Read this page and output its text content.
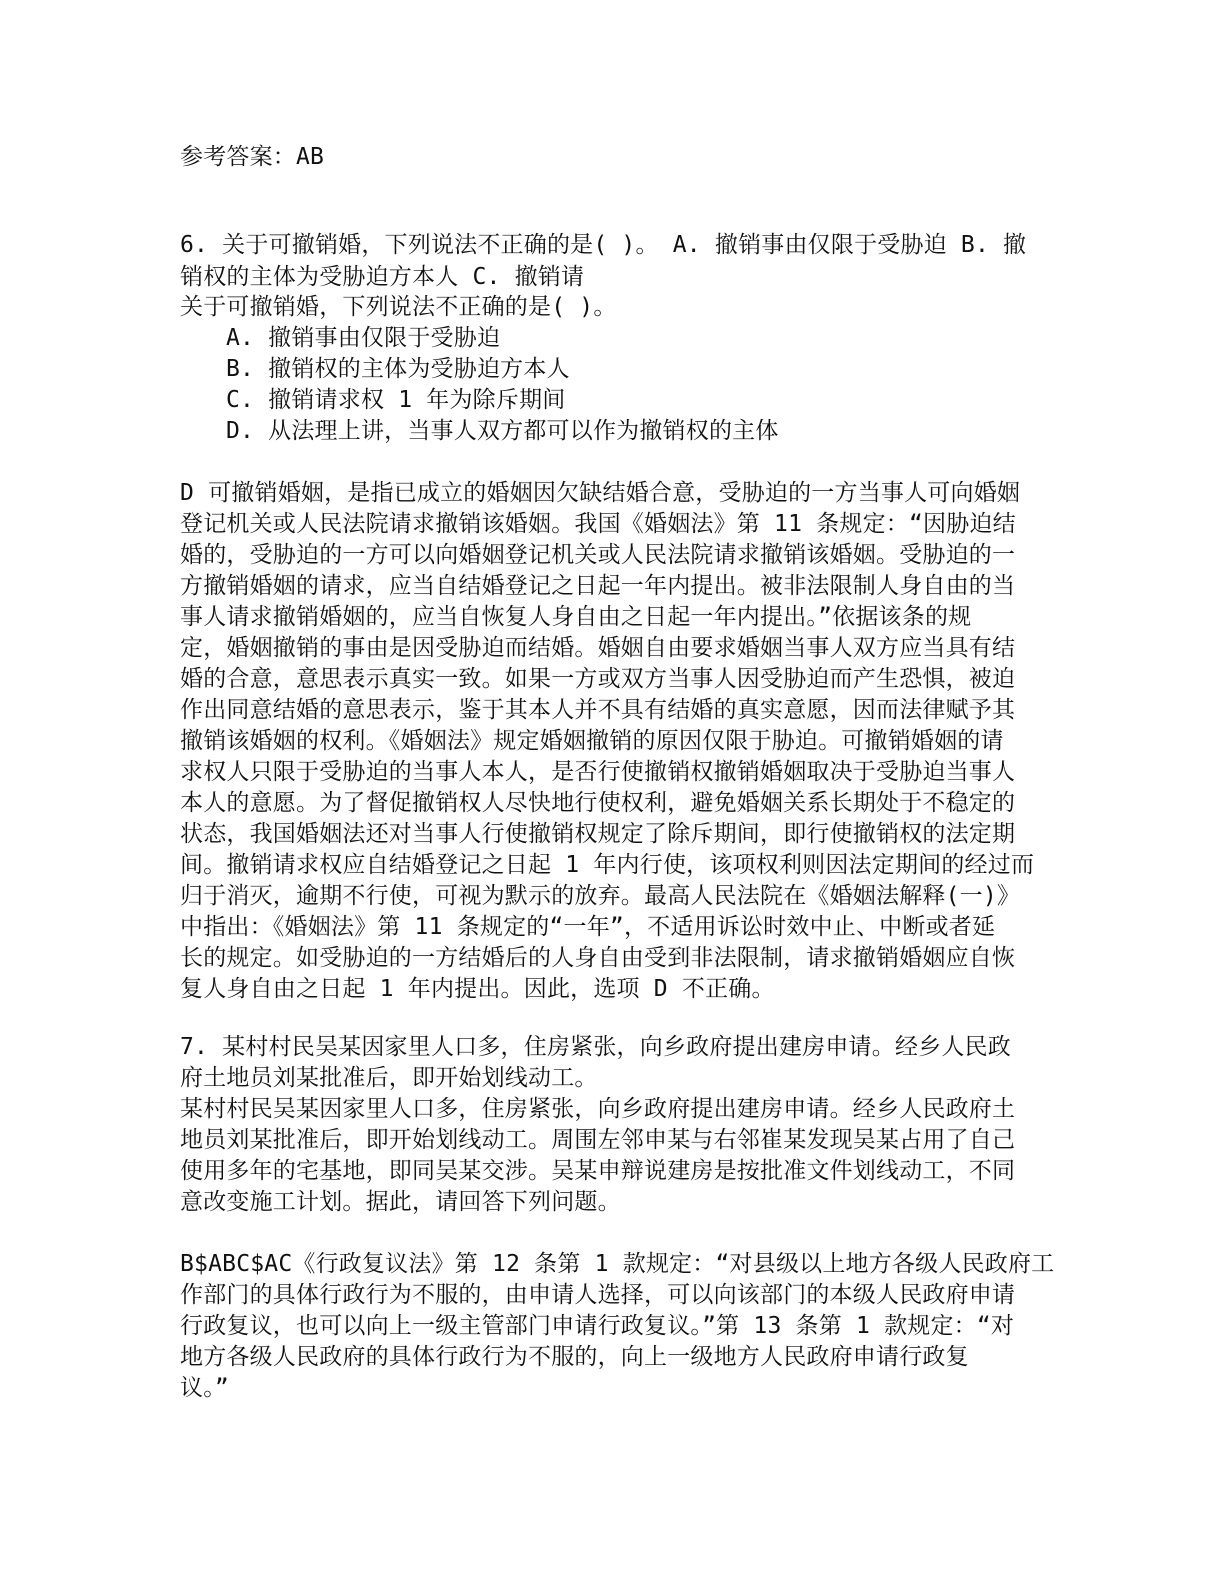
参考答案：AB
6. 关于可撤销婚，下列说法不正确的是( )。 A. 撤销事由仅限于受胁迫 B. 撤
销权的主体为受胁迫方本人 C. 撤销请
关于可撤销婚，下列说法不正确的是( )。
A. 撤销事由仅限于受胁迫
B. 撤销权的主体为受胁迫方本人
C. 撤销请求权 1 年为除斥期间
D. 从法理上讲，当事人双方都可以作为撤销权的主体
D 可撤销婚姻，是指已成立的婚姻因欠缺结婚合意，受胁迫的一方当事人可向婚姻
登记机关或人民法院请求撤销该婚姻。我国《婚姻法》第 11 条规定：“因胁迫结
婚的，受胁迫的一方可以向婚姻登记机关或人民法院请求撤销该婚姻。受胁迫的一
方撤销婚姻的请求，应当自结婚登记之日起一年内提出。被非法限制人身自由的当
事人请求撤销婚姻的，应当自恢复人身自由之日起一年内提出。”依据该条的规
定，婚姻撤销的事由是因受胁迫而结婚。婚姻自由要求婚姻当事人双方应当具有结
婚的合意，意思表示真实一致。如果一方或双方当事人因受胁迫而产生恐惧，被迫
作出同意结婚的意思表示，鉴于其本人并不具有结婚的真实意愿，因而法律赋予其
撤销该婚姻的权利。《婚姻法》规定婚姻撤销的原因仅限于胁迫。可撤销婚姻的请
求权人只限于受胁迫的当事人本人，是否行使撤销权撤销婚姻取决于受胁迫当事人
本人的意愿。为了督促撤销权人尽快地行使权利，避免婚姻关系长期处于不稳定的
状态，我国婚姻法还对当事人行使撤销权规定了除斥期间，即行使撤销权的法定期
间。撤销请求权应自结婚登记之日起 1 年内行使，该项权利则因法定期间的经过而
归于消灭，逾期不行使，可视为默示的放弃。最高人民法院在《婚姻法解释(一)》
中指出：《婚姻法》第 11 条规定的“一年”，不适用诉讼时效中止、中断或者延
长的规定。如受胁迫的一方结婚后的人身自由受到非法限制，请求撤销婚姻应自恢
复人身自由之日起 1 年内提出。因此，选项 D 不正确。
7. 某村村民吴某因家里人口多，住房紧张，向乡政府提出建房申请。经乡人民政
府土地员刘某批准后，即开始划线动工。
某村村民吴某因家里人口多，住房紧张，向乡政府提出建房申请。经乡人民政府土
地员刘某批准后，即开始划线动工。周围左邻申某与右邻崔某发现吴某占用了自己
使用多年的宅基地，即同吴某交涉。吴某申辩说建房是按批准文件划线动工，不同
意改变施工计划。据此，请回答下列问题。
B$ABC$AC《行政复议法》第 12 条第 1 款规定：“对县级以上地方各级人民政府工
作部门的具体行政行为不服的，由申请人选择，可以向该部门的本级人民政府申请
行政复议，也可以向上一级主管部门申请行政复议。”第 13 条第 1 款规定：“对
地方各级人民政府的具体行政行为不服的，向上一级地方人民政府申请行政复
议。”
